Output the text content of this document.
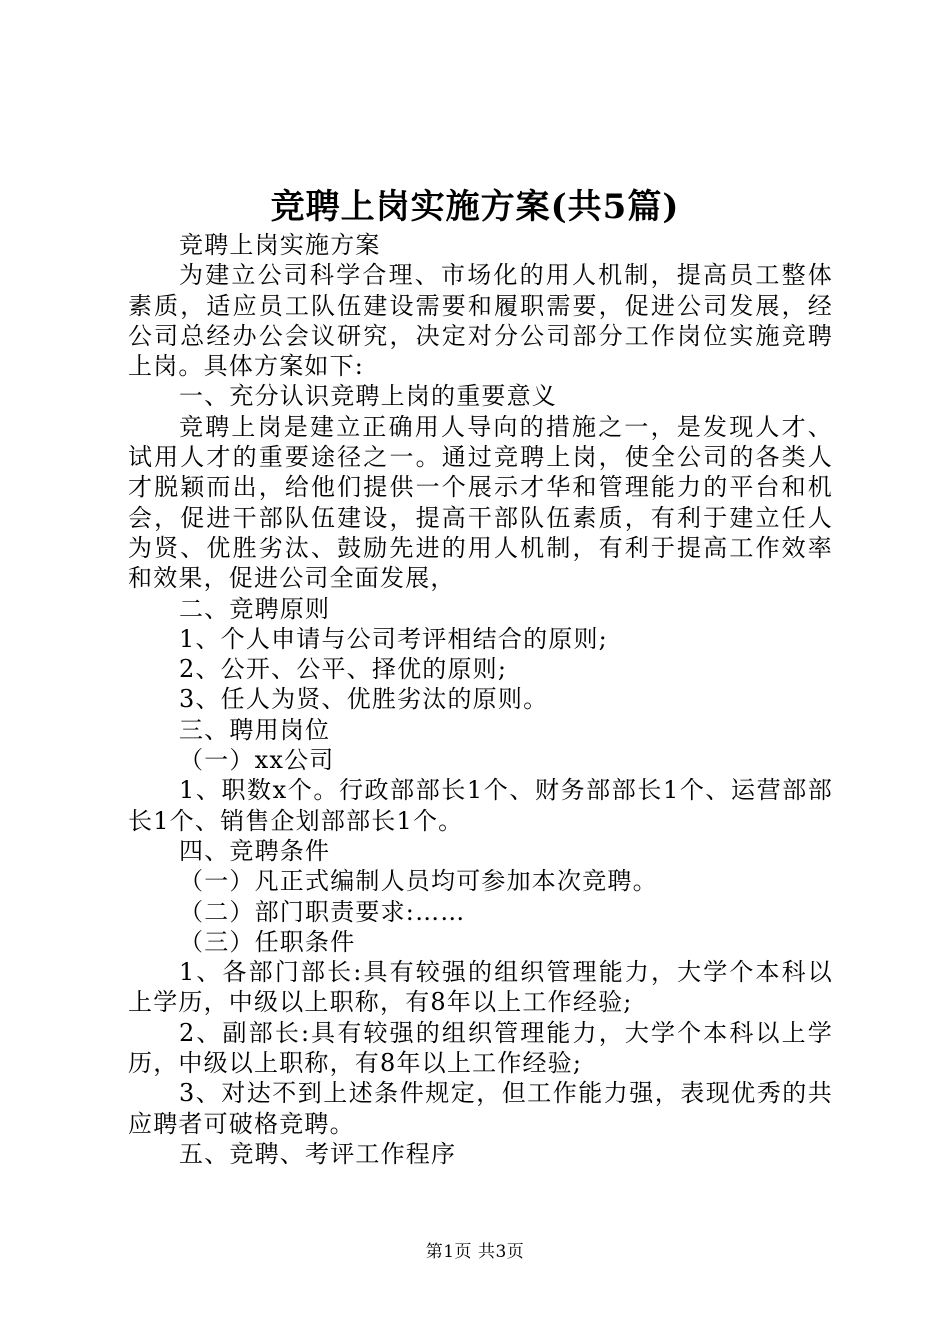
竞聘上岗实施方案(共5篇)

竞聘上岗实施方案

为建立公司科学合理、市场化的用人机制，提高员工整体素质，适应员工队伍建设需要和履职需要，促进公司发展，经公司总经办公会议研究，决定对分公司部分工作岗位实施竞聘上岗。具体方案如下:

一、充分认识竞聘上岗的重要意义

竞聘上岗是建立正确用人导向的措施之一，是发现人才、试用人才的重要途径之一。通过竞聘上岗，使全公司的各类人才脱颖而出，给他们提供一个展示才华和管理能力的平台和机会，促进干部队伍建设，提高干部队伍素质，有利于建立任人为贤、优胜劣汰、鼓励先进的用人机制，有利于提高工作效率和效果，促进公司全面发展，

二、竞聘原则

1、个人申请与公司考评相结合的原则;

2、公开、公平、择优的原则;

3、任人为贤、优胜劣汰的原则。

三、聘用岗位

（一）xx公司

1、职数x个。行政部部长1个、财务部部长1个、运营部部长1个、销售企划部部长1个。

四、竞聘条件

（一）凡正式编制人员均可参加本次竞聘。

（二）部门职责要求:……

（三）任职条件

1、各部门部长:具有较强的组织管理能力，大学个本科以上学历，中级以上职称，有8年以上工作经验;

2、副部长:具有较强的组织管理能力，大学个本科以上学历，中级以上职称，有8年以上工作经验;

3、对达不到上述条件规定，但工作能力强，表现优秀的共应聘者可破格竞聘。

五、竞聘、考评工作程序

第1页 共3页
